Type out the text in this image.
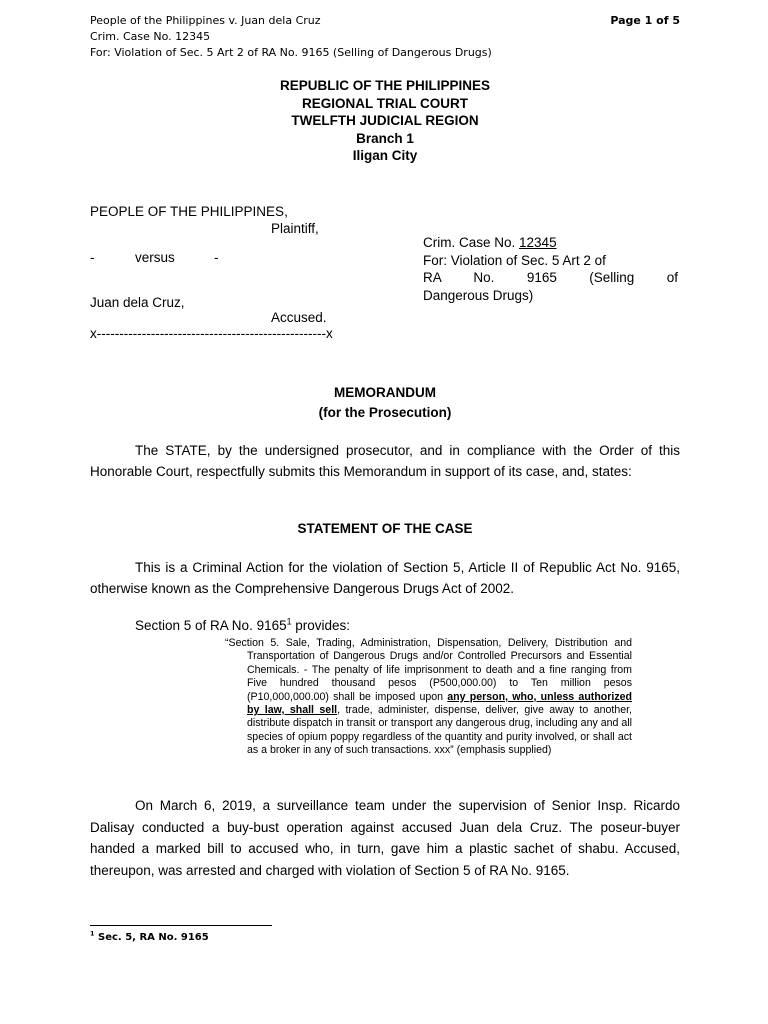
People of the Philippines v. Juan dela Cruz
Crim. Case No. 12345
For: Violation of Sec. 5 Art 2 of RA No. 9165 (Selling of Dangerous Drugs)
Page 1 of 5
REPUBLIC OF THE PHILIPPINES
REGIONAL TRIAL COURT
TWELFTH JUDICIAL REGION
Branch 1
Iligan City
PEOPLE OF THE PHILIPPINES,
Plaintiff,
-	versus	-
Juan dela Cruz,
Accused.
x---------------------------------------------------x
Crim. Case No. 12345
For: Violation of Sec. 5 Art 2 of
RA No. 9165 (Selling of
Dangerous Drugs)
MEMORANDUM
(for the Prosecution)
The STATE, by the undersigned prosecutor, and in compliance with the Order of this Honorable Court, respectfully submits this Memorandum in support of its case, and, states:
STATEMENT OF THE CASE
This is a Criminal Action for the violation of Section 5, Article II of Republic Act No. 9165, otherwise known as the Comprehensive Dangerous Drugs Act of 2002.
Section 5 of RA No. 9165$^1$ provides:

“Section 5. Sale, Trading, Administration, Dispensation, Delivery, Distribution and Transportation of Dangerous Drugs and/or Controlled Precursors and Essential Chemicals. - The penalty of life imprisonment to death and a fine ranging from Five hundred thousand pesos (P500,000.00) to Ten million pesos (P10,000,000.00) shall be imposed upon any person, who, unless authorized by law, shall sell, trade, administer, dispense, deliver, give away to another, distribute dispatch in transit or transport any dangerous drug, including any and all species of opium poppy regardless of the quantity and purity involved, or shall act as a broker in any of such transactions. xxx” (emphasis supplied)

On March 6, 2019, a surveillance team under the supervision of Senior Insp. Ricardo Dalisay conducted a buy-bust operation against accused Juan dela Cruz. The poseur-buyer handed a marked bill to accused who, in turn, gave him a plastic sachet of shabu. Accused, thereupon, was arrested and charged with violation of Section 5 of RA No. 9165.
$^1$ Sec. 5, RA No. 9165
